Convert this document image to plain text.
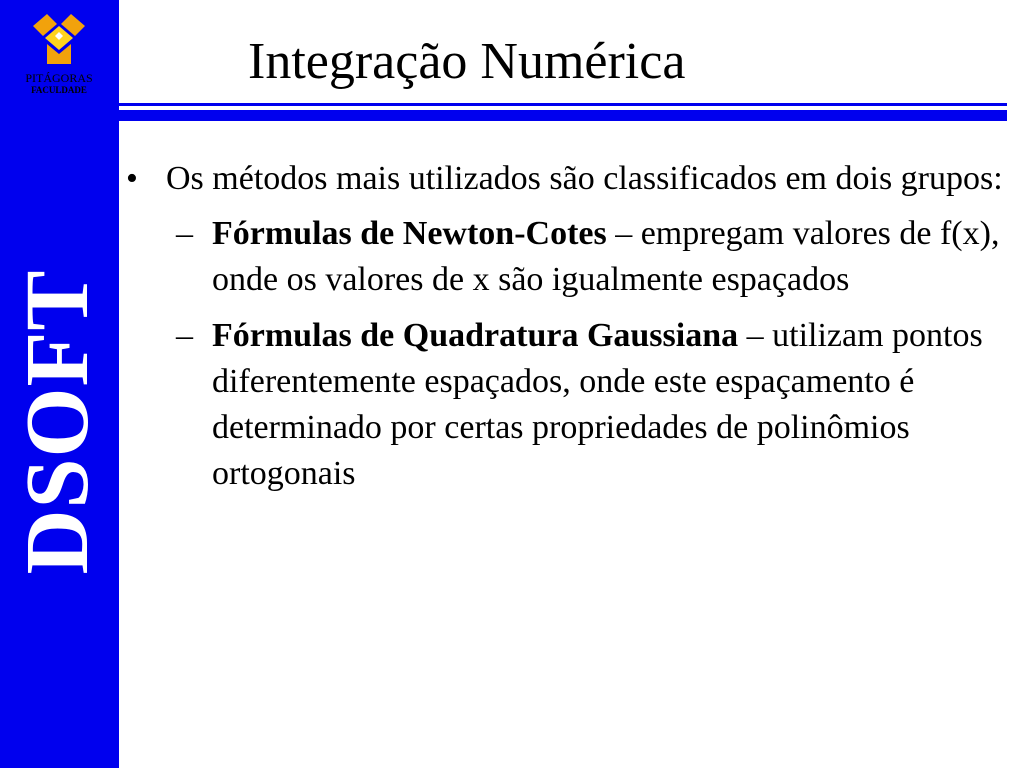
PITÁGORAS
FACULDADE
DSOFT
Integração Numérica
• Os métodos mais utilizados são classificados em dois grupos:
– Fórmulas de Newton-Cotes – empregam valores de f(x), onde os valores de x são igualmente espaçados
– Fórmulas de Quadratura Gaussiana – utilizam pontos diferentemente espaçados, onde este espaçamento é determinado por certas propriedades de polinômios ortogonais
